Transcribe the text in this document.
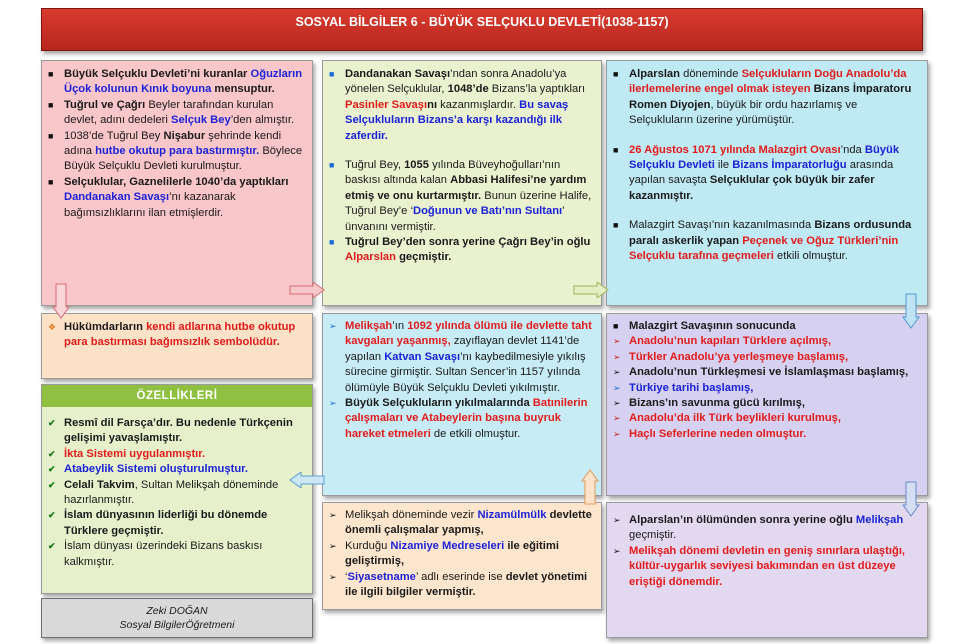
SOSYAL BİLGİLER 6 - BÜYÜK SELÇUKLU DEVLETİ(1038-1157)
■ Büyük Selçuklu Devleti’ni kuranlar Oğuzların Üçok kolunun Kınık boyuna mensuptur.
■ Tuğrul ve Çağrı Beyler tarafından kurulan devlet, adını dedeleri Selçuk Bey’den almıştır.
■ 1038’de Tuğrul Bey Nişabur şehrinde kendi adına hutbe okutup para bastırmıştır. Böylece Büyük Selçuklu Devleti kurulmuştur.
■ Selçuklular, Gaznelilerle 1040’da yaptıkları Dandanakan Savaşı’nı kazanarak bağımsızlıklarını ilan etmişlerdir.
■ Dandanakan Savaşı’ndan sonra Anadolu’ya yönelen Selçuklular, 1048’de Bizans’la yaptıkları Pasinler Savaşını kazanmışlardır. Bu savaş Selçukluların Bizans’a karşı kazandığı ilk zaferdir.
■ Tuğrul Bey, 1055 yılında Büveyhoğulları’nın baskısı altında kalan Abbasi Halifesi’ne yardım etmiş ve onu kurtarmıştır. Bunun üzerine Halife, Tuğrul Bey’e ‘Doğunun ve Batı’nın Sultanı’ ünvanını vermiştir.
■ Tuğrul Bey’den sonra yerine Çağrı Bey’in oğlu Alparslan geçmiştir.
■ Alparslan döneminde Selçukluların Doğu Anadolu’da ilerlemelerine engel olmak isteyen Bizans İmparatoru Romen Diyojen, büyük bir ordu hazırlamış ve Selçukluların üzerine yürümüştür.
■ 26 Ağustos 1071 yılında Malazgirt Ovası’nda Büyük Selçuklu Devleti ile Bizans İmparatorluğu arasında yapılan savaşta Selçuklular çok büyük bir zafer kazanmıştır.
■ Malazgirt Savaşı’nın kazanılmasında Bizans ordusunda paralı askerlik yapan Peçenek ve Oğuz Türkleri’nin Selçuklu tarafına geçmeleri etkili olmuştur.
❖ Hükümdarların kendi adlarına hutbe okutup para bastırması bağımsızlık sembolüdür.
➢ Melikşah’ın 1092 yılında ölümü ile devlette taht kavgaları yaşanmış, zayıflayan devlet 1141’de yapılan Katvan Savaşı’nı kaybedilmesiyle yıkılış sürecine girmiştir. Sultan Sencer’in 1157 yılında ölümüyle Büyük Selçuklu Devleti yıkılmıştır.
➢ Büyük Selçukluların yıkılmalarında Batınilerin çalışmaları ve Atabeylerin başına buyruk hareket etmeleri de etkili olmuştur.
■ Malazgirt Savaşının sonucunda
➢ Anadolu’nun kapıları Türklere açılmış,
➢ Türkler Anadolu’ya yerleşmeye başlamış,
➢ Anadolu’nun Türkleşmesi ve İslamlaşması başlamış,
➢ Türkiye tarihi başlamış,
➢ Bizans’ın savunma gücü kırılmış,
➢ Anadolu’da ilk Türk beylikleri kurulmuş,
➢ Haçlı Seferlerine neden olmuştur.
ÖZELLİKLERİ
✔ Resmî dil Farsça’dır. Bu nedenle Türkçenin gelişimi yavaşlamıştır.
✔ İkta Sistemi uygulanmıştır.
✔ Atabeylik Sistemi oluşturulmuştur.
✔ Celali Takvim, Sultan Melikşah döneminde hazırlanmıştır.
✔ İslam dünyasının liderliği bu dönemde Türklere geçmiştir.
✔ İslam dünyası üzerindeki Bizans baskısı kalkmıştır.
➢ Melikşah döneminde vezir Nizamülmülk devlette önemli çalışmalar yapmış,
➢ Kurduğu Nizamiye Medreseleri ile eğitimi geliştirmiş,
➢ ‘Siyasetname’ adlı eserinde ise devlet yönetimi ile ilgili bilgiler vermiştir.
➢ Alparslan’ın ölümünden sonra yerine oğlu Melikşah geçmiştir.
➢ Melikşah dönemi devletin en geniş sınırlara ulaştığı, kültür-uygarlık seviyesi bakımından en üst düzeye eriştiği dönemdir.
Zeki DOĞAN
Sosyal BilgilerÖğretmeni
